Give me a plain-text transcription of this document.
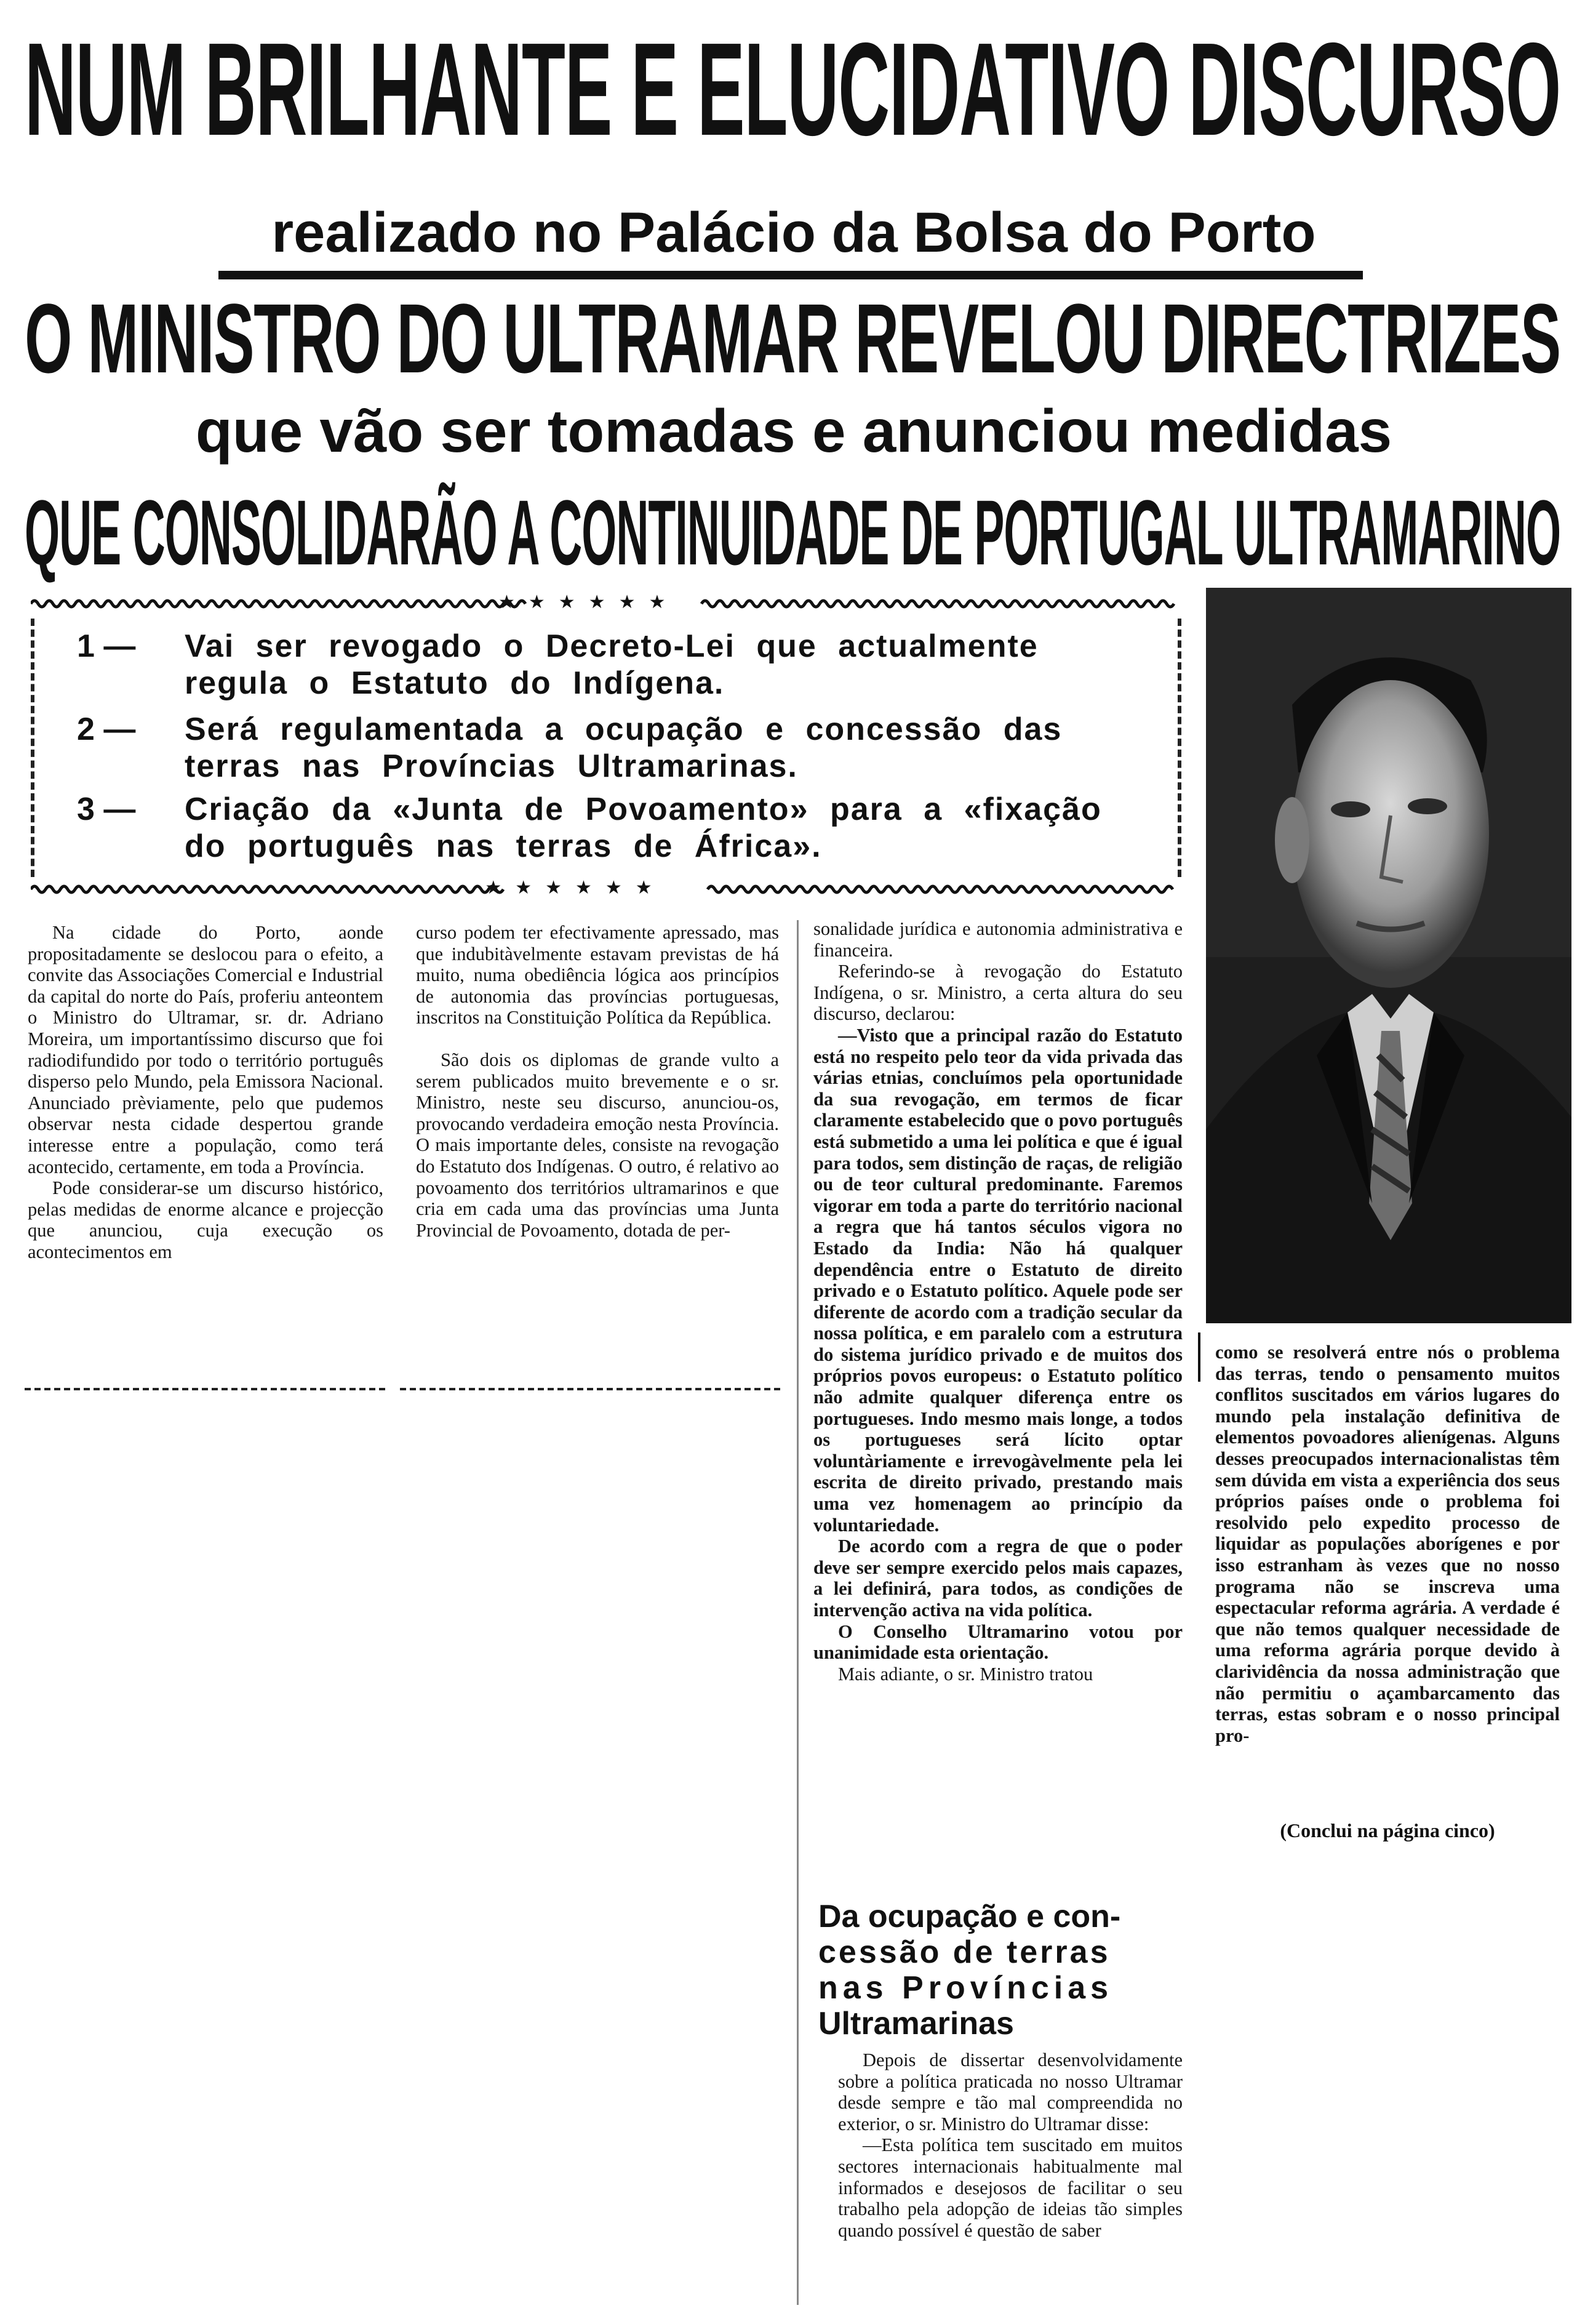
NUM BRILHANTE E ELUCIDATIVO DISCURSO
realizado no Palácio da Bolsa do Porto
O MINISTRO DO ULTRAMAR REVELOU DIRECTRIZES
que vão ser tomadas e anunciou medidas
QUE CONSOLIDARÃO A CONTINUIDADE DE PORTUGAL ULTRAMARINO
★★★★★★
1 — Vai ser revogado o Decreto-Lei que actualmente regula o Estatuto do Indígena.
2 — Será regulamentada a ocupação e concessão das terras nas Províncias Ultramarinas.
3 — Criação da «Junta de Povoamento» para a «fixação do português nas terras de África».
★★★★★★

Na cidade do Porto, aonde propositadamente se deslocou para o efeito, a convite das Associações Comercial e Industrial da capital do norte do País, proferiu anteontem o Ministro do Ultramar, sr. dr. Adriano Moreira, um importantíssimo discurso que foi radiodifundido por todo o território português disperso pelo Mundo, pela Emissora Nacional. Anunciado prèviamente, pelo que pudemos observar nesta cidade despertou grande interesse entre a população, como terá acontecido, certamente, em toda a Província.

Pode considerar-se um discurso histórico, pelas medidas de enorme alcance e projecção que anunciou, cuja execução os acontecimentos em

curso podem ter efectivamente apressado, mas que indubitàvelmente estavam previstas de há muito, numa obediência lógica aos princípios de autonomia das províncias portuguesas, inscritos na Constituição Política da República.

São dois os diplomas de grande vulto a serem publicados muito brevemente e o sr. Ministro, neste seu discurso, anunciou-os, provocando verdadeira emoção nesta Província. O mais importante deles, consiste na revogação do Estatuto dos Indígenas. O outro, é relativo ao povoamento dos territórios ultramarinos e que cria em cada uma das províncias uma Junta Provincial de Povoamento, dotada de per-

sonalidade jurídica e autonomia administrativa e financeira.

Referindo-se à revogação do Estatuto Indígena, o sr. Ministro, a certa altura do seu discurso, declarou:

—Visto que a principal razão do Estatuto está no respeito pelo teor da vida privada das várias etnias, concluímos pela oportunidade da sua revogação, em termos de ficar claramente estabelecido que o povo português está submetido a uma lei política e que é igual para todos, sem distinção de raças, de religião ou de teor cultural predominante. Faremos vigorar em toda a parte do território nacional a regra que há tantos séculos vigora no Estado da India: Não há qualquer dependência entre o Estatuto de direito privado e o Estatuto político. Aquele pode ser diferente de acordo com a tradição secular da nossa política, e em paralelo com a estrutura do sistema jurídico privado e de muitos dos próprios povos europeus: o Estatuto político não admite qualquer diferença entre os portugueses. Indo mesmo mais longe, a todos os portugueses será lícito optar voluntàriamente e irrevogàvelmente pela lei escrita de direito privado, prestando mais uma vez homenagem ao princípio da voluntariedade.

De acordo com a regra de que o poder deve ser sempre exercido pelos mais capazes, a lei definirá, para todos, as condições de intervenção activa na vida política.

O Conselho Ultramarino votou por unanimidade esta orientação.

Mais adiante, o sr. Ministro tratou

Da ocupação e con-
cessão de terras
nas Províncias
Ultramarinas

Depois de dissertar desenvolvidamente sobre a política praticada no nosso Ultramar desde sempre e tão mal compreendida no exterior, o sr. Ministro do Ultramar disse:

—Esta política tem suscitado em muitos sectores internacionais habitualmente mal informados e desejosos de facilitar o seu trabalho pela adopção de ideias tão simples quando possível é questão de saber

como se resolverá entre nós o problema das terras, tendo o pensamento muitos conflitos suscitados em vários lugares do mundo pela instalação definitiva de elementos povoadores alienígenas. Alguns desses preocupados internacionalistas têm sem dúvida em vista a experiência dos seus próprios países onde o problema foi resolvido pelo expedito processo de liquidar as populações aborígenes e por isso estranham às vezes que no nosso programa não se inscreva uma espectacular reforma agrária. A verdade é que não temos qualquer necessidade de uma reforma agrária porque devido à clarividência da nossa administração que não permitiu o açambarcamento das terras, estas sobram e o nosso principal pro-

(Conclui na página cinco)
